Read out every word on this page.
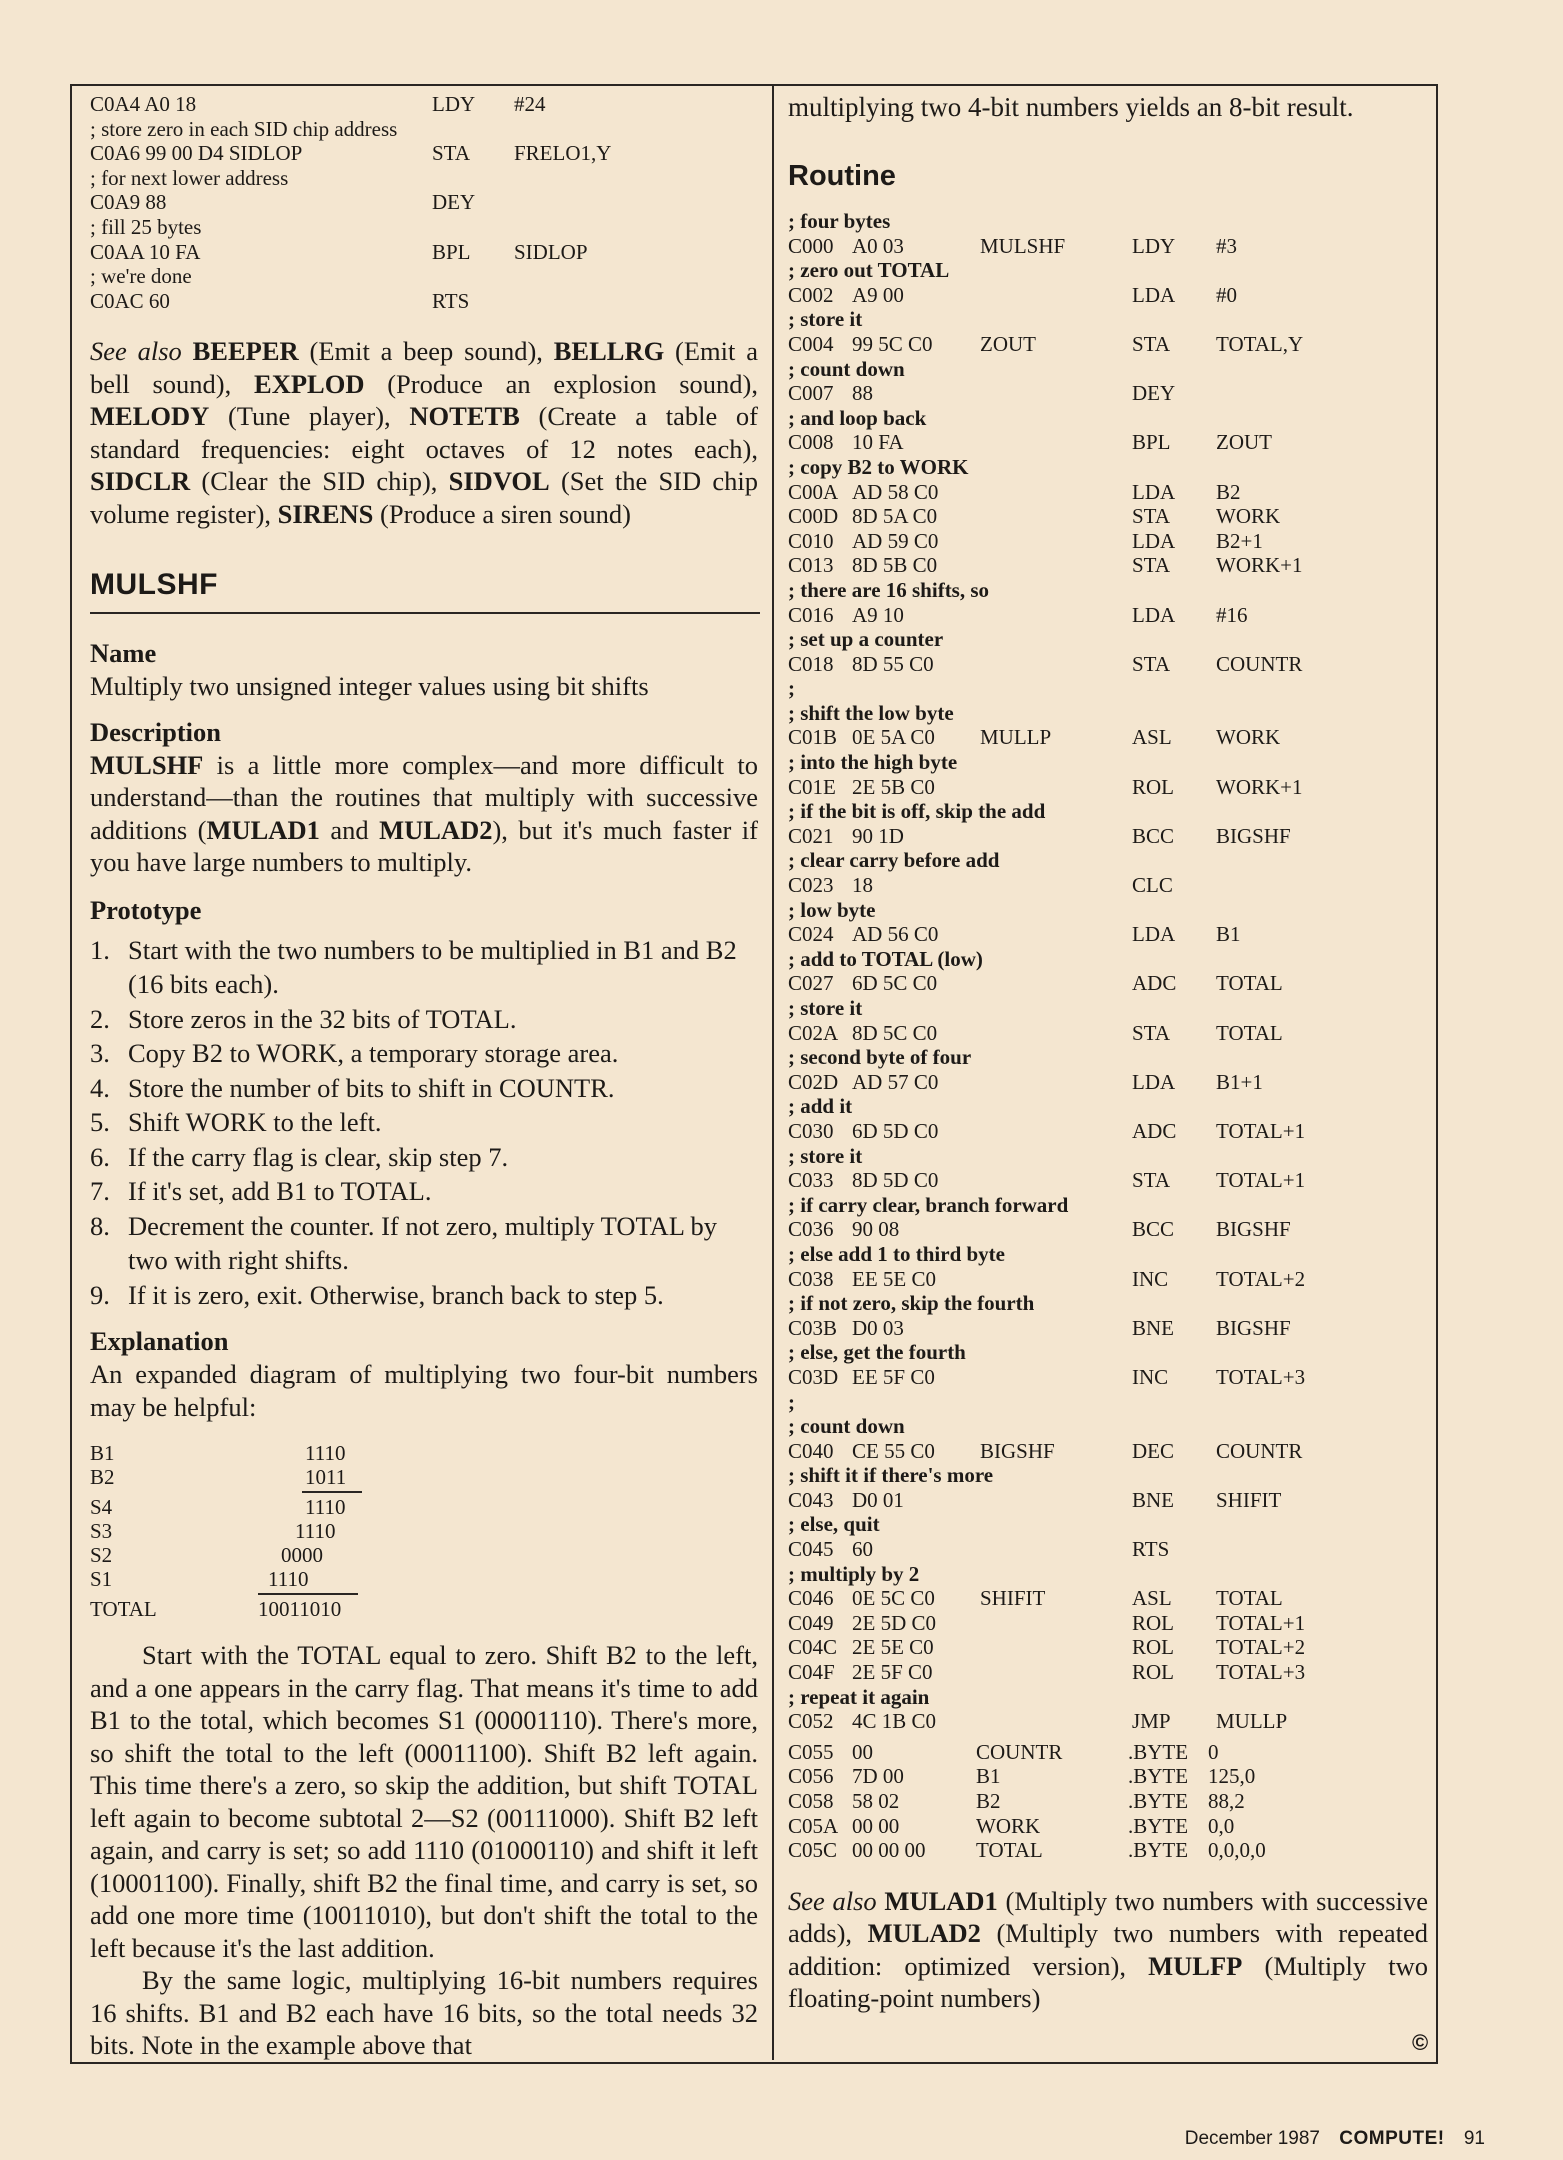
C0A4 A0 18	LDY #24
; store zero in each SID chip address
C0A6 99 00 D4 SIDLOP	STA FRELO1,Y
; for next lower address
C0A9 88	DEY
; fill 25 bytes
C0AA 10 FA	BPL SIDLOP
; we're done
C0AC 60	RTS

See also BEEPER (Emit a beep sound), BELLRG (Emit a bell sound), EXPLOD (Produce an explosion sound), MELODY (Tune player), NOTETB (Create a table of standard frequencies: eight octaves of 12 notes each), SIDCLR (Clear the SID chip), SIDVOL (Set the SID chip volume register), SIRENS (Produce a siren sound)

MULSHF
Name

Multiply two unsigned integer values using bit shifts

Description

MULSHF is a little more complex—and more difficult to understand—than the routines that multiply with successive additions (MULAD1 and MULAD2), but it's much faster if you have large numbers to multiply.

Prototype
1. Start with the two numbers to be multiplied in B1 and B2 (16 bits each).
2. Store zeros in the 32 bits of TOTAL.
3. Copy B2 to WORK, a temporary storage area.
4. Store the number of bits to shift in COUNTR.
5. Shift WORK to the left.
6. If the carry flag is clear, skip step 7.
7. If it's set, add B1 to TOTAL.
8. Decrement the counter. If not zero, multiply TOTAL by two with right shifts.
9. If it is zero, exit. Otherwise, branch back to step 5.
Explanation

An expanded diagram of multiplying two four-bit numbers may be helpful:

B1	1110
B2	1011
S4	1110
S3	1110
S2	0000
S1	1110
TOTAL	10011010

Start with the TOTAL equal to zero. Shift B2 to the left, and a one appears in the carry flag. That means it's time to add B1 to the total, which becomes S1 (00001110). There's more, so shift the total to the left (00011100). Shift B2 left again. This time there's a zero, so skip the addition, but shift TOTAL left again to become subtotal 2—S2 (00111000). Shift B2 left again, and carry is set; so add 1110 (01000110) and shift it left (10001100). Finally, shift B2 the final time, and carry is set, so add one more time (10011010), but don't shift the total to the left because it's the last addition.

By the same logic, multiplying 16-bit numbers requires 16 shifts. B1 and B2 each have 16 bits, so the total needs 32 bits. Note in the example above that

multiplying two 4-bit numbers yields an 8-bit result.

Routine
; four bytes
C000 A0 03	MULSHF	LDY #3
; zero out TOTAL
C002 A9 00	LDA #0
; store it
C004 99 5C C0 ZOUT	STA TOTAL,Y
; count down
C007 88	DEY
; and loop back
C008 10 FA	BPL ZOUT
; copy B2 to WORK
C00A AD 58 C0	LDA B2
C00D 8D 5A C0	STA WORK
C010 AD 59 C0	LDA B2+1
C013 8D 5B C0	STA WORK+1
; there are 16 shifts, so
C016 A9 10	LDA #16
; set up a counter
C018 8D 55 C0	STA COUNTR
;
; shift the low byte
C01B 0E 5A C0 MULLP	ASL WORK
; into the high byte
C01E 2E 5B C0	ROL WORK+1
; if the bit is off, skip the add
C021 90 1D	BCC BIGSHF
; clear carry before add
C023 18	CLC
; low byte
C024 AD 56 C0	LDA B1
; add to TOTAL (low)
C027 6D 5C C0	ADC TOTAL
; store it
C02A 8D 5C C0	STA TOTAL
; second byte of four
C02D AD 57 C0	LDA B1+1
; add it
C030 6D 5D C0	ADC TOTAL+1
; store it
C033 8D 5D C0	STA TOTAL+1
; if carry clear, branch forward
C036 90 08	BCC BIGSHF
; else add 1 to third byte
C038 EE 5E C0	INC TOTAL+2
; if not zero, skip the fourth
C03B D0 03	BNE BIGSHF
; else, get the fourth
C03D EE 5F C0	INC TOTAL+3
;
; count down
C040 CE 55 C0 BIGSHF	DEC COUNTR
; shift it if there's more
C043 D0 01	BNE SHIFIT
; else, quit
C045 60	RTS
; multiply by 2
C046 0E 5C C0 SHIFIT	ASL TOTAL
C049 2E 5D C0	ROL TOTAL+1
C04C 2E 5E C0	ROL TOTAL+2
C04F 2E 5F C0	ROL TOTAL+3
; repeat it again
C052 4C 1B C0	JMP MULLP
C055 00	COUNTR	.BYTE 0
C056 7D 00	B1	.BYTE 125,0
C058 58 02	B2	.BYTE 88,2
C05A 00 00	WORK	.BYTE 0,0
C05C 00 00 00 TOTAL	.BYTE 0,0,0,0

See also MULAD1 (Multiply two numbers with successive adds), MULAD2 (Multiply two numbers with repeated addition: optimized version), MULFP (Multiply two floating-point numbers)

©
December 1987 COMPUTE! 91
